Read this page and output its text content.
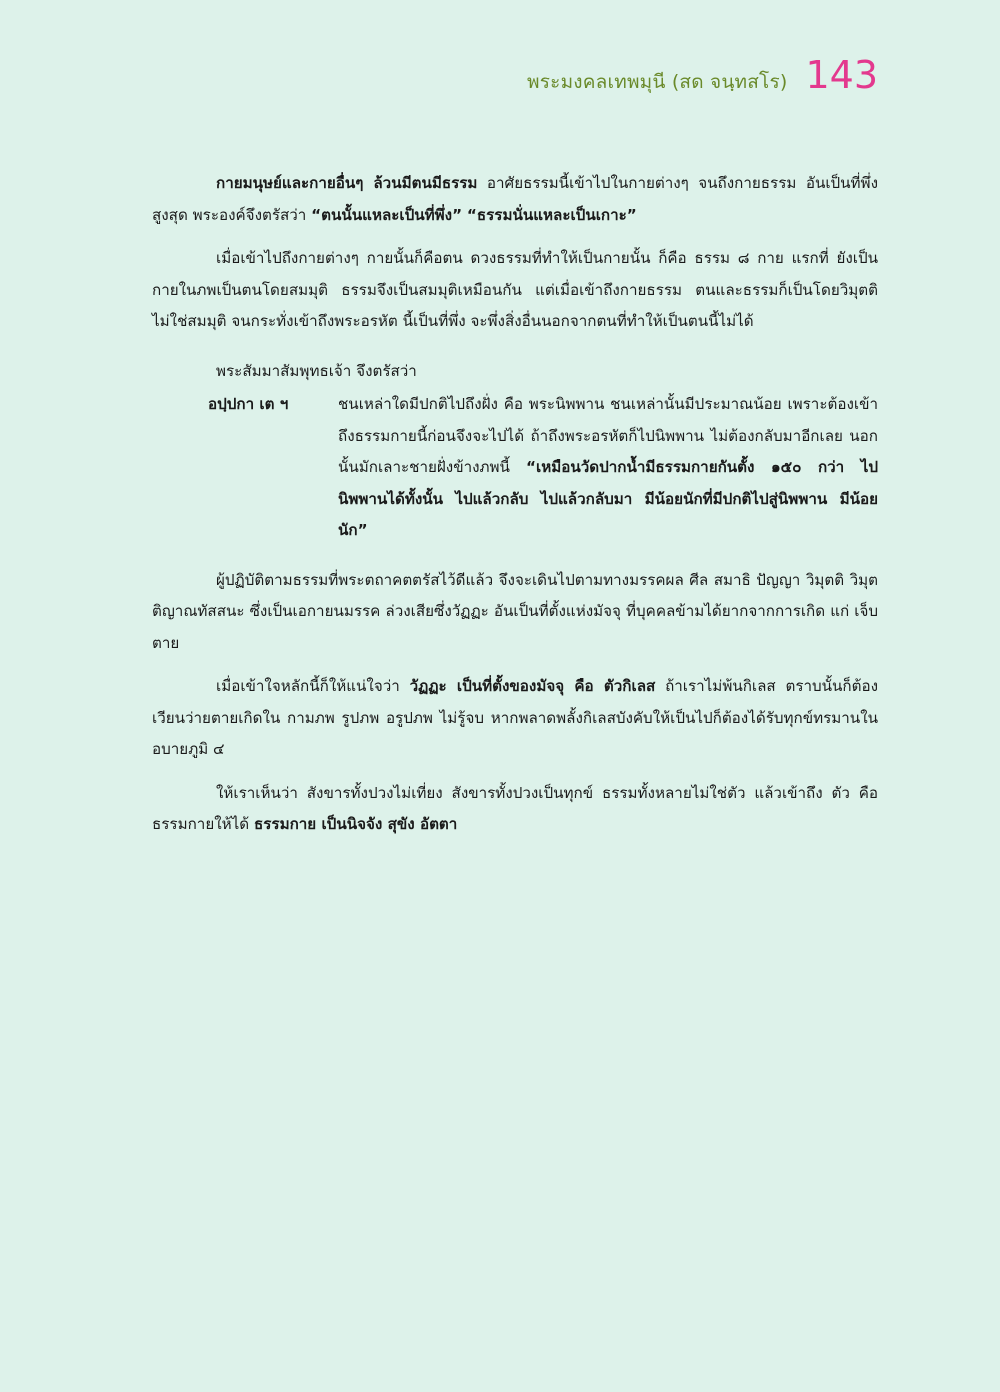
พระมงคลเทพมุนี (สด จนฺทสโร) 143

กายมนุษย์และกายอื่นๆ ล้วนมีตนมีธรรม อาศัยธรรมนี้เข้าไปในกายต่างๆ จนถึงกายธรรม อันเป็นที่พึ่งสูงสุด พระองค์จึงตรัสว่า “ตนนั้นแหละเป็นที่พึ่ง” “ธรรมนั่นแหละเป็นเกาะ”

เมื่อเข้าไปถึงกายต่างๆ กายนั้นก็คือตน ดวงธรรมที่ทำให้เป็นกายนั้น ก็คือ ธรรม ๘ กาย แรกที่ ยังเป็นกายในภพเป็นตนโดยสมมุติ ธรรมจึงเป็นสมมุติเหมือนกัน แต่เมื่อเข้าถึงกายธรรม ตนและธรรมก็เป็นโดยวิมุตติ ไม่ใช่สมมุติ จนกระทั่งเข้าถึงพระอรหัต นี้เป็นที่พึ่ง จะพึ่งสิ่งอื่นนอกจากตนที่ทำให้เป็นตนนี้ไม่ได้

พระสัมมาสัมพุทธเจ้า จึงตรัสว่า
อปฺปกา เต ฯ	ชนเหล่าใดมีปกติไปถึงฝั่ง คือ พระนิพพาน ชนเหล่านั้นมีประมาณน้อย เพราะต้องเข้าถึงธรรมกายนี้ก่อนจึงจะไปได้ ถ้าถึงพระอรหัตก็ไปนิพพาน ไม่ต้องกลับมาอีกเลย นอกนั้นมักเลาะชายฝั่งข้างภพนี้ “เหมือนวัดปากน้ำมีธรรมกายกันตั้ง ๑๕๐ กว่า ไปนิพพานได้ทั้งนั้น ไปแล้วกลับ ไปแล้วกลับมา มีน้อยนักที่มีปกติไปสู่นิพพาน มีน้อยนัก”

ผู้ปฏิบัติตามธรรมที่พระตถาคตตรัสไว้ดีแล้ว จึงจะเดินไปตามทางมรรคผล ศีล สมาธิ ปัญญา วิมุตติ วิมุตติญาณทัสสนะ ซึ่งเป็นเอกายนมรรค ล่วงเสียซึ่งวัฏฏะ อันเป็นที่ตั้งแห่งมัจจุ ที่บุคคลข้ามได้ยากจากการเกิด แก่ เจ็บ ตาย

เมื่อเข้าใจหลักนี้ก็ให้แน่ใจว่า วัฏฏะ เป็นที่ตั้งของมัจจุ คือ ตัวกิเลส ถ้าเราไม่พ้นกิเลส ตราบนั้นก็ต้องเวียนว่ายตายเกิดใน กามภพ รูปภพ อรูปภพ ไม่รู้จบ หากพลาดพลั้งกิเลสบังคับให้เป็นไปก็ต้องได้รับทุกข์ทรมานในอบายภูมิ ๔

ให้เราเห็นว่า สังขารทั้งปวงไม่เที่ยง สังขารทั้งปวงเป็นทุกข์ ธรรมทั้งหลายไม่ใช่ตัว แล้วเข้าถึง ตัว คือธรรมกายให้ได้ ธรรมกาย เป็นนิจจัง สุขัง อัตตา
